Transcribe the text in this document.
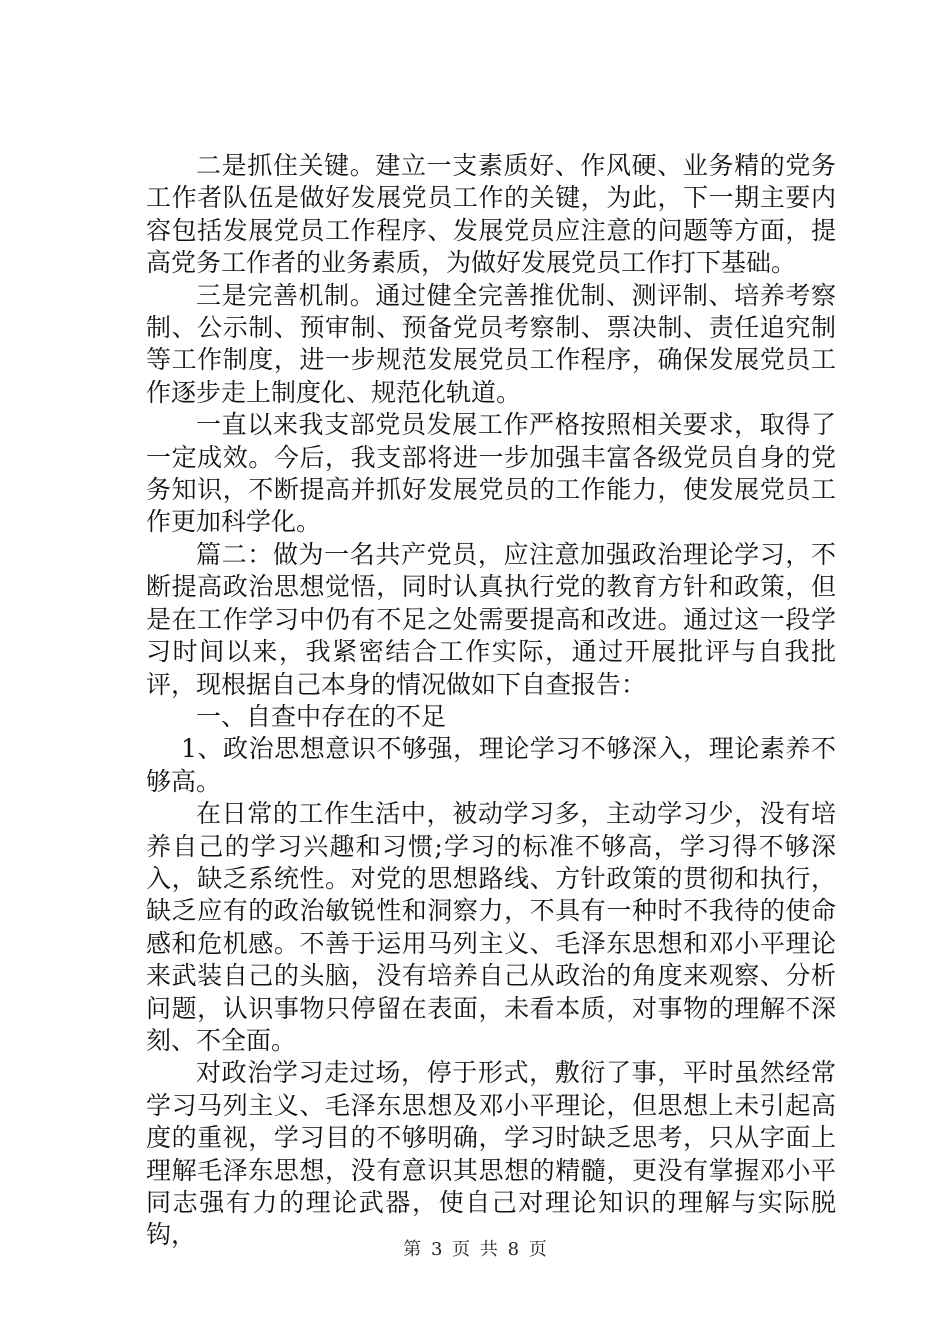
二是抓住关键。建立一支素质好、作风硬、业务精的党务工作者队伍是做好发展党员工作的关键，为此，下一期主要内容包括发展党员工作程序、发展党员应注意的问题等方面，提高党务工作者的业务素质，为做好发展党员工作打下基础。

三是完善机制。通过健全完善推优制、测评制、培养考察制、公示制、预审制、预备党员考察制、票决制、责任追究制等工作制度，进一步规范发展党员工作程序，确保发展党员工作逐步走上制度化、规范化轨道。

一直以来我支部党员发展工作严格按照相关要求，取得了一定成效。今后，我支部将进一步加强丰富各级党员自身的党务知识，不断提高并抓好发展党员的工作能力，使发展党员工作更加科学化。

篇二：做为一名共产党员，应注意加强政治理论学习，不断提高政治思想觉悟，同时认真执行党的教育方针和政策，但是在工作学习中仍有不足之处需要提高和改进。通过这一段学习时间以来，我紧密结合工作实际，通过开展批评与自我批评，现根据自己本身的情况做如下自查报告：

一、自查中存在的不足

1、政治思想意识不够强，理论学习不够深入，理论素养不够高。

在日常的工作生活中，被动学习多，主动学习少，没有培养自己的学习兴趣和习惯;学习的标准不够高，学习得不够深入，缺乏系统性。对党的思想路线、方针政策的贯彻和执行，缺乏应有的政治敏锐性和洞察力，不具有一种时不我待的使命感和危机感。不善于运用马列主义、毛泽东思想和邓小平理论来武装自己的头脑，没有培养自己从政治的角度来观察、分析问题，认识事物只停留在表面，未看本质，对事物的理解不深刻、不全面。

对政治学习走过场，停于形式，敷衍了事，平时虽然经常学习马列主义、毛泽东思想及邓小平理论，但思想上未引起高度的重视，学习目的不够明确，学习时缺乏思考，只从字面上理解毛泽东思想，没有意识其思想的精髓，更没有掌握邓小平同志强有力的理论武器，使自己对理论知识的理解与实际脱钩，

第 3 页 共 8 页
